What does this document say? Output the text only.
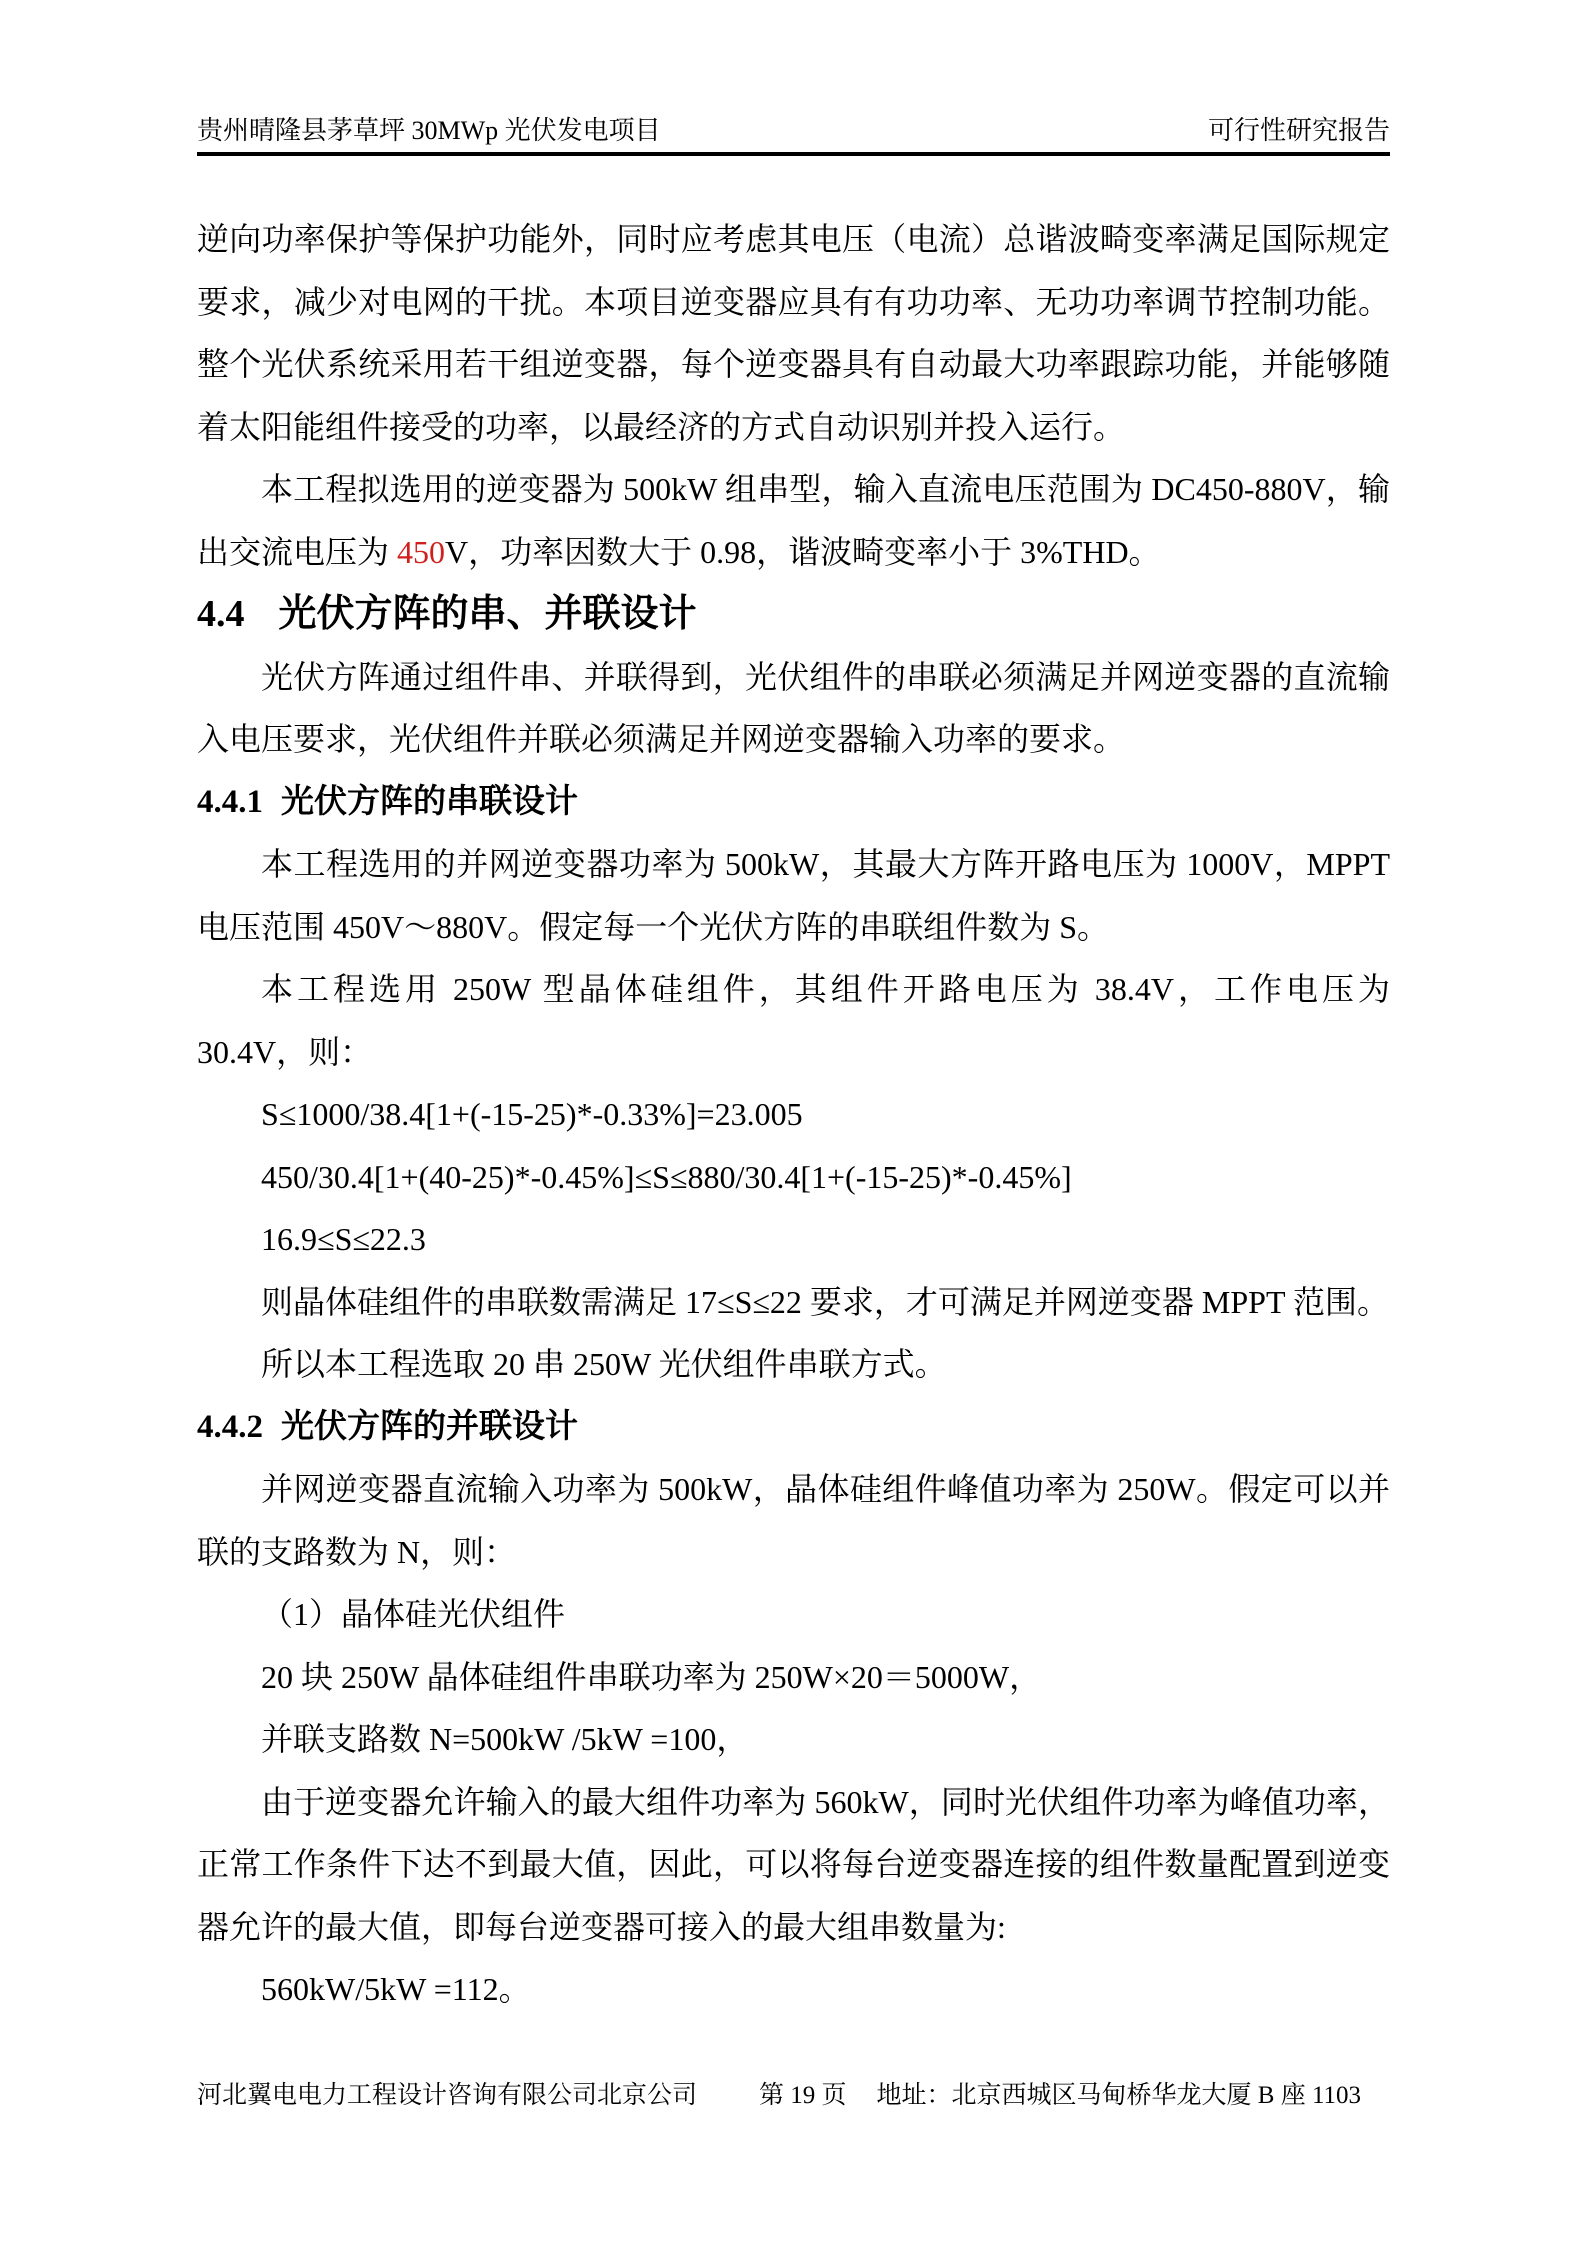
贵州晴隆县茅草坪 30MWp 光伏发电项目	可行性研究报告

逆向功率保护等保护功能外，同时应考虑其电压（电流）总谐波畸变率满足国际规定要求，减少对电网的干扰。本项目逆变器应具有有功功率、无功功率调节控制功能。整个光伏系统采用若干组逆变器，每个逆变器具有自动最大功率跟踪功能，并能够随着太阳能组件接受的功率，以最经济的方式自动识别并投入运行。

本工程拟选用的逆变器为 500kW 组串型，输入直流电压范围为 DC450-880V，输出交流电压为 450V，功率因数大于 0.98，谐波畸变率小于 3%THD。

4.4 光伏方阵的串、并联设计

光伏方阵通过组件串、并联得到，光伏组件的串联必须满足并网逆变器的直流输入电压要求，光伏组件并联必须满足并网逆变器输入功率的要求。

4.4.1 光伏方阵的串联设计

本工程选用的并网逆变器功率为 500kW，其最大方阵开路电压为 1000V，MPPT 电压范围 450V～880V。假定每一个光伏方阵的串联组件数为 S。

本工程选用 250W 型晶体硅组件，其组件开路电压为 38.4V，工作电压为 30.4V，则：

S≤1000/38.4[1+(-15-25)*-0.33%]=23.005

450/30.4[1+(40-25)*-0.45%]≤S≤880/30.4[1+(-15-25)*-0.45%]

16.9≤S≤22.3

则晶体硅组件的串联数需满足 17≤S≤22 要求，才可满足并网逆变器 MPPT 范围。

所以本工程选取 20 串 250W 光伏组件串联方式。

4.4.2 光伏方阵的并联设计

并网逆变器直流输入功率为 500kW，晶体硅组件峰值功率为 250W。假定可以并联的支路数为 N，则：

（1）晶体硅光伏组件

20 块 250W 晶体硅组件串联功率为 250W×20＝5000W，

并联支路数 N=500kW /5kW =100，

由于逆变器允许输入的最大组件功率为 560kW，同时光伏组件功率为峰值功率，正常工作条件下达不到最大值，因此，可以将每台逆变器连接的组件数量配置到逆变器允许的最大值，即每台逆变器可接入的最大组串数量为:

560kW/5kW =112。

河北翼电电力工程设计咨询有限公司北京公司 第 19 页 地址：北京西城区马甸桥华龙大厦 B 座 1103
